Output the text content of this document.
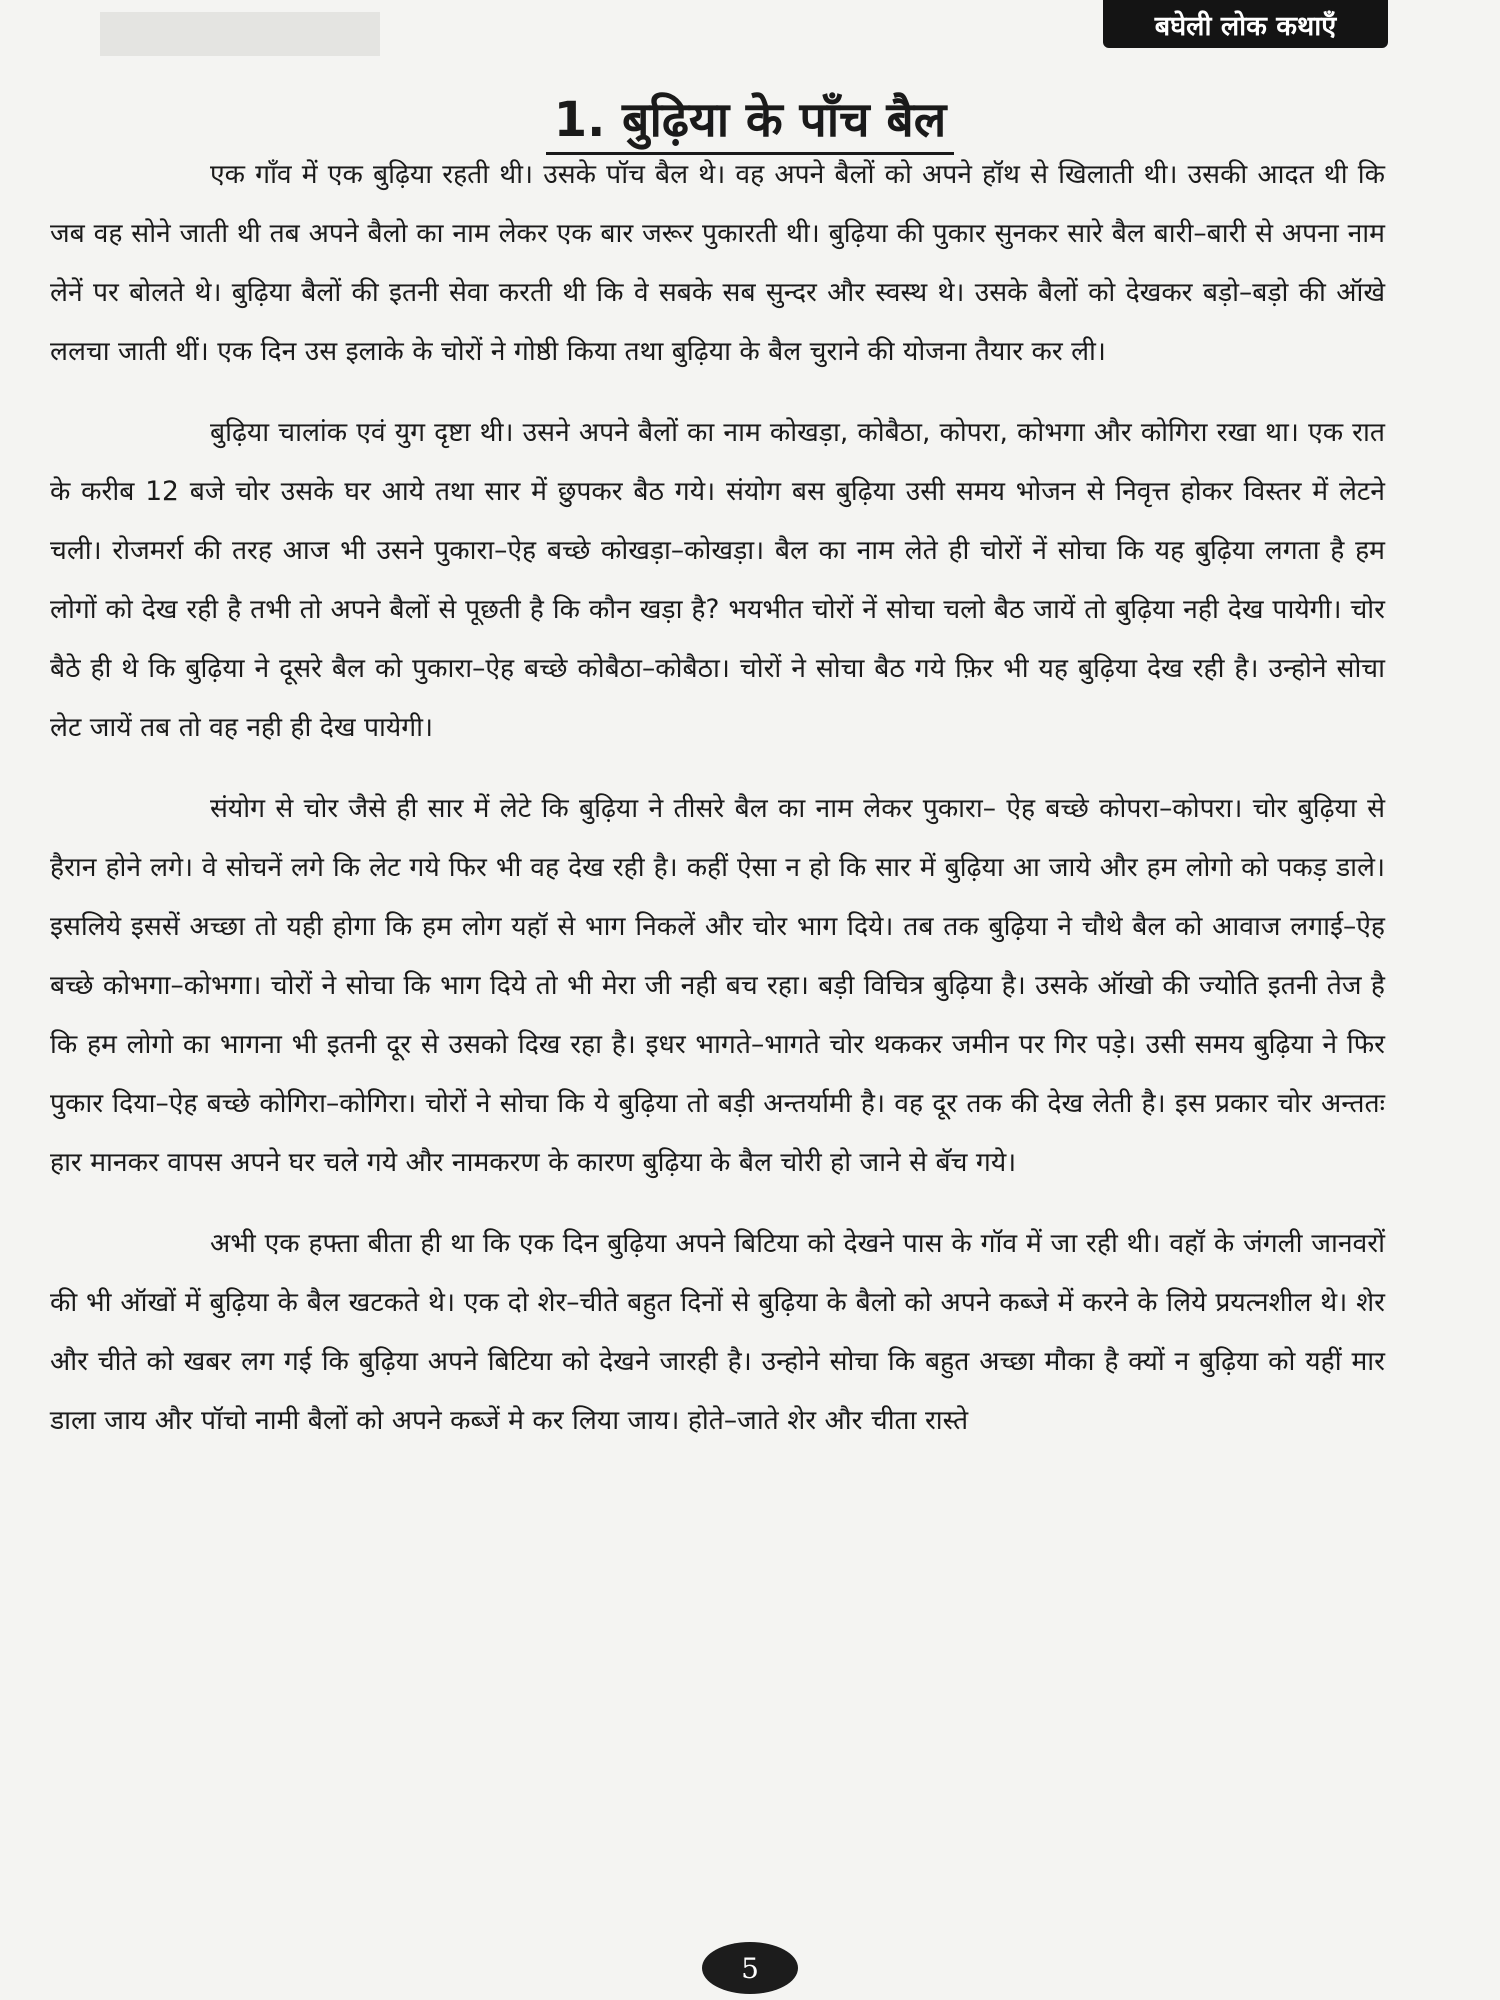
बघेली लोक कथाएँ
1. बुढ़िया के पाँच बैल

एक गाँव में एक बुढ़िया रहती थी। उसके पॉच बैल थे। वह अपने बैलों को अपने हॉथ से खिलाती थी। उसकी आदत थी कि जब वह सोने जाती थी तब अपने बैलो का नाम लेकर एक बार जरूर पुकारती थी। बुढ़िया की पुकार सुनकर सारे बैल बारी–बारी से अपना नाम लेनें पर बोलते थे। बुढ़िया बैलों की इतनी सेवा करती थी कि वे सबके सब सुन्दर और स्वस्थ थे। उसके बैलों को देखकर बड़ो–बड़ो की ऑखे ललचा जाती थीं। एक दिन उस इलाके के चोरों ने गोष्ठी किया तथा बुढ़िया के बैल चुराने की योजना तैयार कर ली।

बुढ़िया चालांक एवं युग दृष्टा थी। उसने अपने बैलों का नाम कोखड़ा, कोबैठा, कोपरा, कोभगा और कोगिरा रखा था। एक रात के करीब 12 बजे चोर उसके घर आये तथा सार में छुपकर बैठ गये। संयोग बस बुढ़िया उसी समय भोजन से निवृत्त होकर विस्तर में लेटने चली। रोजमर्रा की तरह आज भी उसने पुकारा–ऐह बच्छे कोखड़ा–कोखड़ा। बैल का नाम लेते ही चोरों नें सोचा कि यह बुढ़िया लगता है हम लोगों को देख रही है तभी तो अपने बैलों से पूछती है कि कौन खड़ा है? भयभीत चोरों नें सोचा चलो बैठ जायें तो बुढ़िया नही देख पायेगी। चोर बैठे ही थे कि बुढ़िया ने दूसरे बैल को पुकारा–ऐह बच्छे कोबैठा–कोबैठा। चोरों ने सोचा बैठ गये फ़िर भी यह बुढ़िया देख रही है। उन्होने सोचा लेट जायें तब तो वह नही ही देख पायेगी।

संयोग से चोर जैसे ही सार में लेटे कि बुढ़िया ने तीसरे बैल का नाम लेकर पुकारा– ऐह बच्छे कोपरा–कोपरा। चोर बुढ़िया से हैरान होने लगे। वे सोचनें लगे कि लेट गये फिर भी वह देख रही है। कहीं ऐसा न हो कि सार में बुढ़िया आ जाये और हम लोगो को पकड़ डाले। इसलिये इससें अच्छा तो यही होगा कि हम लोग यहॉ से भाग निकलें और चोर भाग दिये। तब तक बुढ़िया ने चौथे बैल को आवाज लगाई–ऐह बच्छे कोभगा–कोभगा। चोरों ने सोचा कि भाग दिये तो भी मेरा जी नही बच रहा। बड़ी विचित्र बुढ़िया है। उसके ऑखो की ज्योति इतनी तेज है कि हम लोगो का भागना भी इतनी दूर से उसको दिख रहा है। इधर भागते–भागते चोर थककर जमीन पर गिर पड़े। उसी समय बुढ़िया ने फिर पुकार दिया–ऐह बच्छे कोगिरा–कोगिरा। चोरों ने सोचा कि ये बुढ़िया तो बड़ी अन्तर्यामी है। वह दूर तक की देख लेती है। इस प्रकार चोर अन्ततः हार मानकर वापस अपने घर चले गये और नामकरण के कारण बुढ़िया के बैल चोरी हो जाने से बॅच गये।

अभी एक हफ्ता बीता ही था कि एक दिन बुढ़िया अपने बिटिया को देखने पास के गॉव में जा रही थी। वहॉ के जंगली जानवरों की भी ऑखों में बुढ़िया के बैल खटकते थे। एक दो शेर–चीते बहुत दिनों से बुढ़िया के बैलो को अपने कब्जे में करने के लिये प्रयत्नशील थे। शेर और चीते को खबर लग गई कि बुढ़िया अपने बिटिया को देखने जारही है। उन्होने सोचा कि बहुत अच्छा मौका है क्यों न बुढ़िया को यहीं मार डाला जाय और पॉचो नामी बैलों को अपने कब्जें मे कर लिया जाय। होते–जाते शेर और चीता रास्ते

5
